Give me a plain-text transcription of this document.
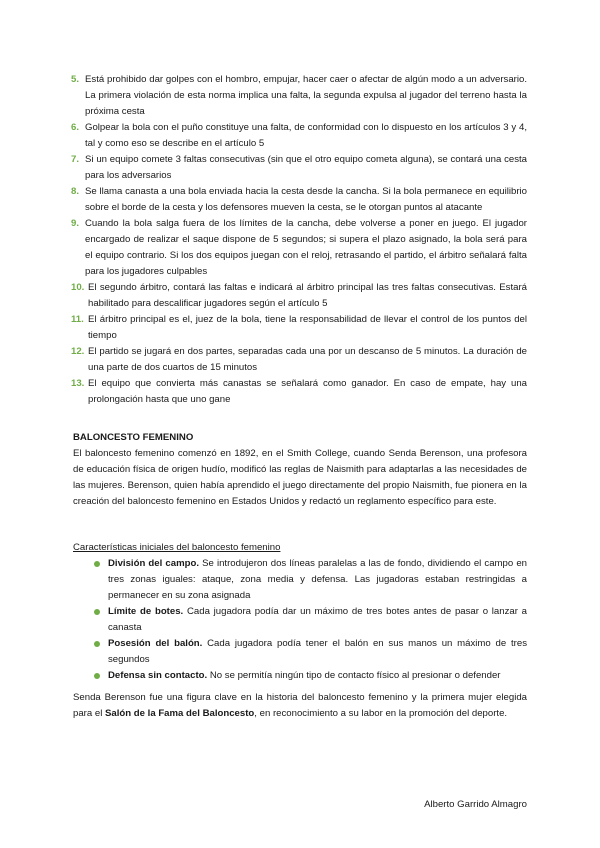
5. Está prohibido dar golpes con el hombro, empujar, hacer caer o afectar de algún modo a un adversario. La primera violación de esta norma implica una falta, la segunda expulsa al jugador del terreno hasta la próxima cesta
6. Golpear la bola con el puño constituye una falta, de conformidad con lo dispuesto en los artículos 3 y 4, tal y como eso se describe en el artículo 5
7. Si un equipo comete 3 faltas consecutivas (sin que el otro equipo cometa alguna), se contará una cesta para los adversarios
8. Se llama canasta a una bola enviada hacia la cesta desde la cancha. Si la bola permanece en equilibrio sobre el borde de la cesta y los defensores mueven la cesta, se le otorgan puntos al atacante
9. Cuando la bola salga fuera de los límites de la cancha, debe volverse a poner en juego. El jugador encargado de realizar el saque dispone de 5 segundos; si supera el plazo asignado, la bola será para el equipo contrario. Si los dos equipos juegan con el reloj, retrasando el partido, el árbitro señalará falta para los jugadores culpables
10. El segundo árbitro, contará las faltas e indicará al árbitro principal las tres faltas consecutivas. Estará habilitado para descalificar jugadores según el artículo 5
11. El árbitro principal es el, juez de la bola, tiene la responsabilidad de llevar el control de los puntos del tiempo
12. El partido se jugará en dos partes, separadas cada una por un descanso de 5 minutos. La duración de una parte de dos cuartos de 15 minutos
13. El equipo que convierta más canastas se señalará como ganador. En caso de empate, hay una prolongación hasta que uno gane

BALONCESTO FEMENINO

El baloncesto femenino comenzó en 1892, en el Smith College, cuando Senda Berenson, una profesora de educación física de origen hudío, modificó las reglas de Naismith para adaptarlas a las necesidades de las mujeres. Berenson, quien había aprendido el juego directamente del propio Naismith, fue pionera en la creación del baloncesto femenino en Estados Unidos y redactó un reglamento específico para este.

Características iniciales del baloncesto femenino

División del campo. Se introdujeron dos líneas paralelas a las de fondo, dividiendo el campo en tres zonas iguales: ataque, zona media y defensa. Las jugadoras estaban restringidas a permanecer en su zona asignada
Límite de botes. Cada jugadora podía dar un máximo de tres botes antes de pasar o lanzar a canasta
Posesión del balón. Cada jugadora podía tener el balón en sus manos un máximo de tres segundos
Defensa sin contacto. No se permitía ningún tipo de contacto físico al presionar o defender

Senda Berenson fue una figura clave en la historia del baloncesto femenino y la primera mujer elegida para el Salón de la Fama del Baloncesto, en reconocimiento a su labor en la promoción del deporte.

Alberto Garrido Almagro
